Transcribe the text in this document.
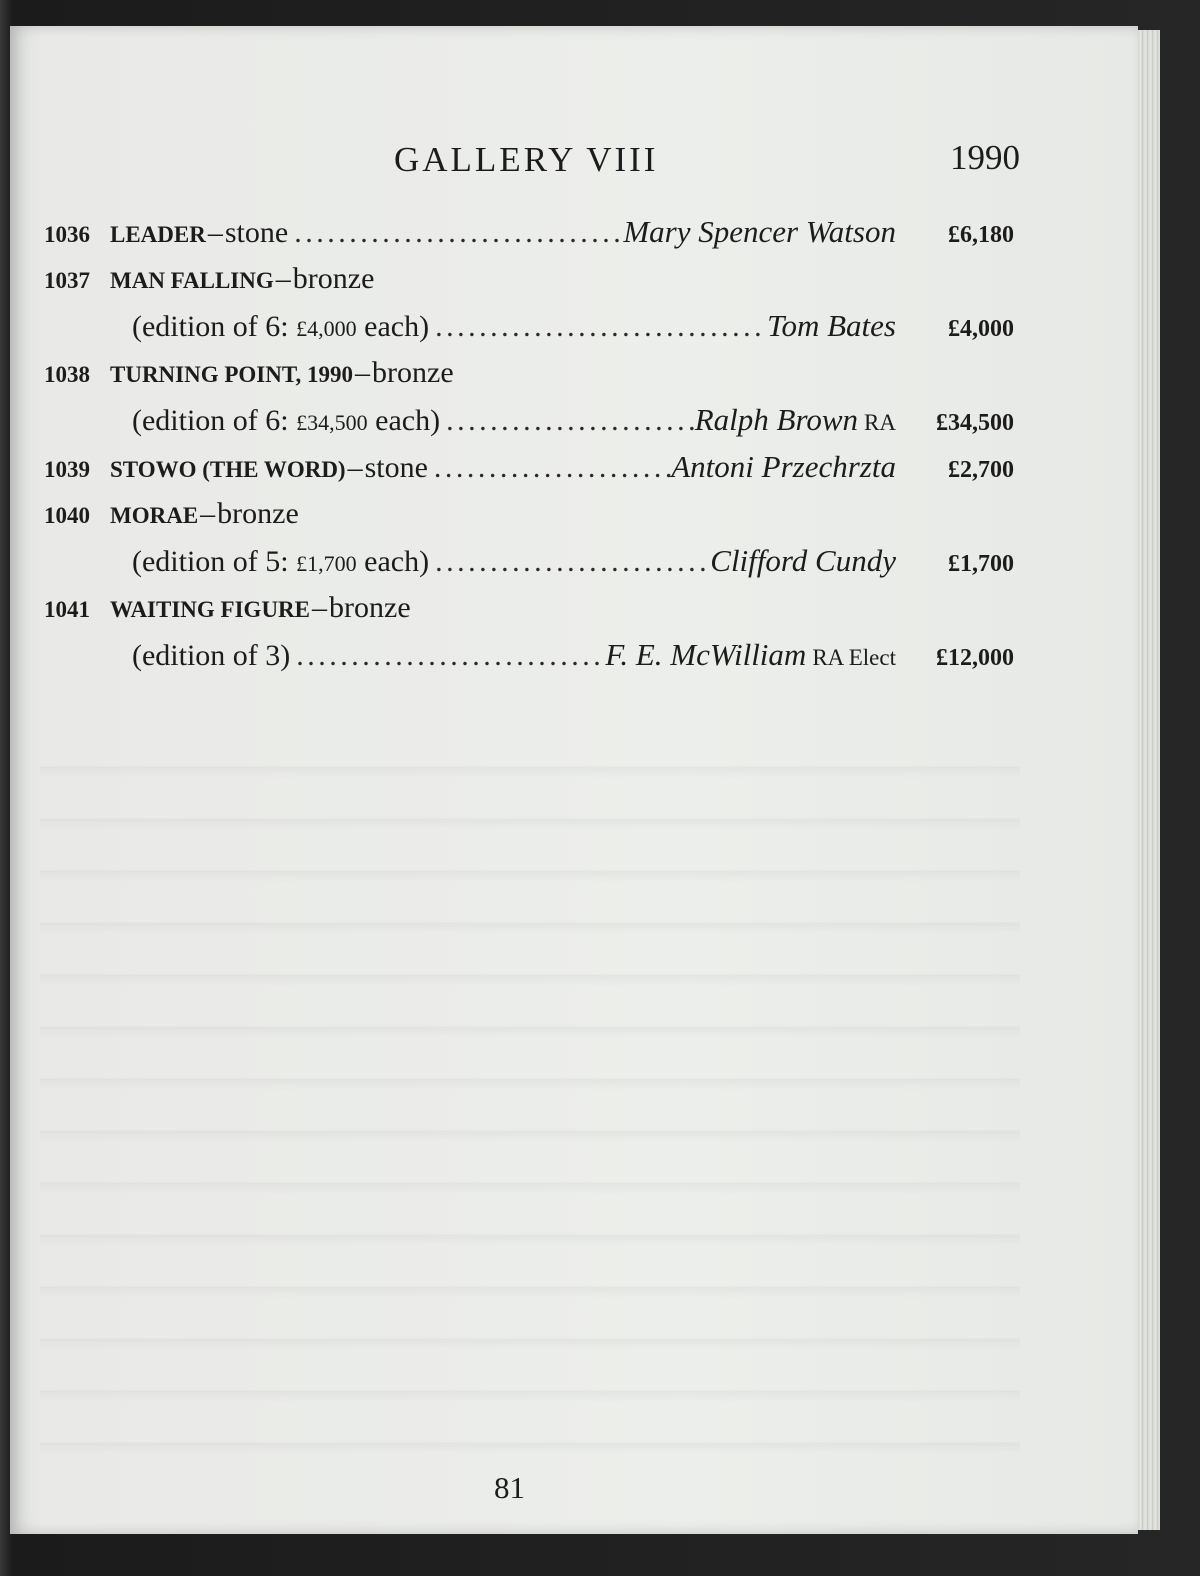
GALLERY VIII	1990
1036 LEADER – stone . . .	Mary Spencer Watson	£6,180
1037 MAN FALLING – bronze
(edition of 6: £4,000 each) . . .	Tom Bates	£4,000
1038 TURNING POINT, 1990 – bronze
(edition of 6: £34,500 each) . . .	Ralph Brown RA	£34,500
1039 STOWO (THE WORD) – stone . . .	Antoni Przechrzta	£2,700
1040 MORAE – bronze
(edition of 5: £1,700 each) . . .	Clifford Cundy	£1,700
1041 WAITING FIGURE – bronze
(edition of 3) . . .	F. E. McWilliam RA Elect	£12,000
81
